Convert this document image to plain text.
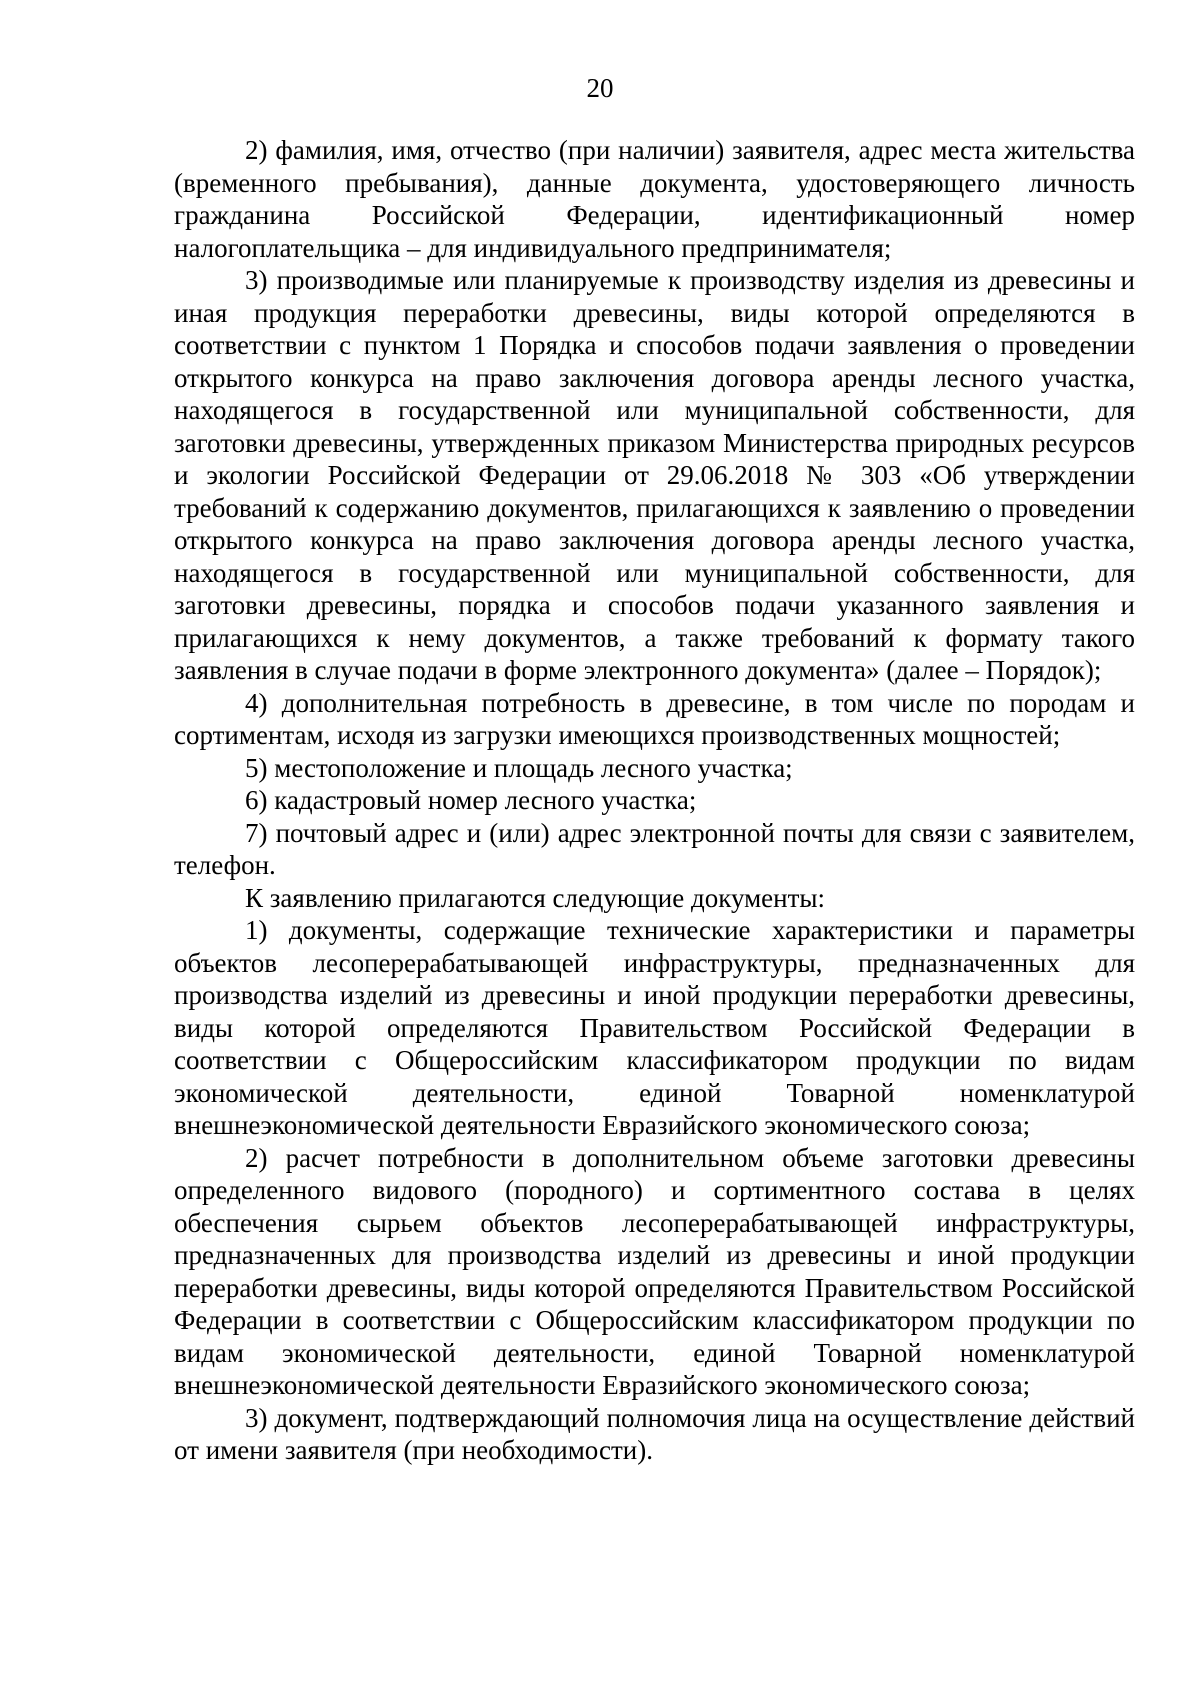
20

2) фамилия, имя, отчество (при наличии) заявителя, адрес места жительства (временного пребывания), данные документа, удостоверяющего личность гражданина Российской Федерации, идентификационный номер налогоплательщика – для индивидуального предпринимателя;

3) производимые или планируемые к производству изделия из древесины и иная продукция переработки древесины, виды которой определяются в соответствии с пунктом 1 Порядка и способов подачи заявления о проведении открытого конкурса на право заключения договора аренды лесного участка, находящегося в государственной или муниципальной собственности, для заготовки древесины, утвержденных приказом Министерства природных ресурсов и экологии Российской Федерации от 29.06.2018 № 303 «Об утверждении требований к содержанию документов, прилагающихся к заявлению о проведении открытого конкурса на право заключения договора аренды лесного участка, находящегося в государственной или муниципальной собственности, для заготовки древесины, порядка и способов подачи указанного заявления и прилагающихся к нему документов, а также требований к формату такого заявления в случае подачи в форме электронного документа» (далее – Порядок);

4) дополнительная потребность в древесине, в том числе по породам и сортиментам, исходя из загрузки имеющихся производственных мощностей;

5) местоположение и площадь лесного участка;

6) кадастровый номер лесного участка;

7) почтовый адрес и (или) адрес электронной почты для связи с заявителем, телефон.

К заявлению прилагаются следующие документы:

1) документы, содержащие технические характеристики и параметры объектов лесоперерабатывающей инфраструктуры, предназначенных для производства изделий из древесины и иной продукции переработки древесины, виды которой определяются Правительством Российской Федерации в соответствии с Общероссийским классификатором продукции по видам экономической деятельности, единой Товарной номенклатурой внешнеэкономической деятельности Евразийского экономического союза;

2) расчет потребности в дополнительном объеме заготовки древесины определенного видового (породного) и сортиментного состава в целях обеспечения сырьем объектов лесоперерабатывающей инфраструктуры, предназначенных для производства изделий из древесины и иной продукции переработки древесины, виды которой определяются Правительством Российской Федерации в соответствии с Общероссийским классификатором продукции по видам экономической деятельности, единой Товарной номенклатурой внешнеэкономической деятельности Евразийского экономического союза;

3) документ, подтверждающий полномочия лица на осуществление действий от имени заявителя (при необходимости).
